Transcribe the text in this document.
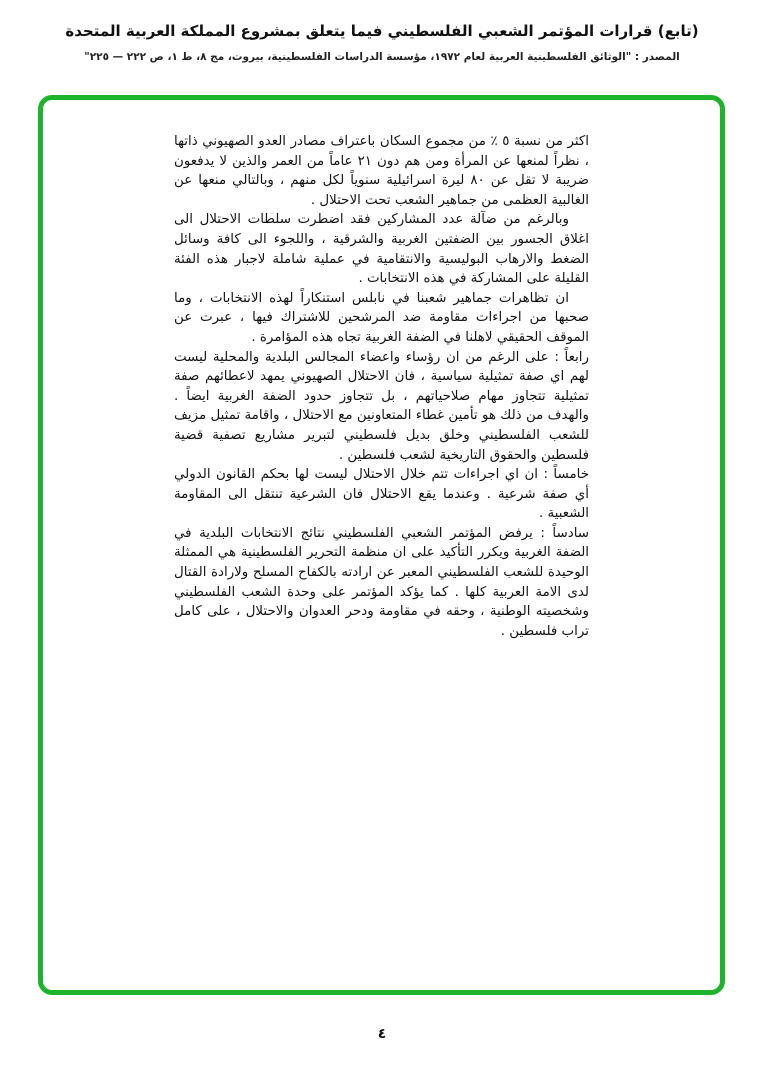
(تابع) قرارات المؤتمر الشعبي الفلسطيني فيما يتعلق بمشروع المملكة العربية المتحدة
المصدر : "الوثائق الفلسطينية العربية لعام ١٩٧٢، مؤسسة الدراسات الفلسطينية، بيروت، مج ٨، ط ١، ص ٢٢٢ — ٢٢٥"

اكثر من نسبة ٥ ٪ من مجموع السكان باعتراف مصادر العدو الصهيوني ذاتها ، نظراً لمنعها عن المرأة ومن هم دون ٢١ عاماً من العمر والذين لا يدفعون ضريبة لا تقل عن ٨٠ ليرة اسرائيلية سنوياً لكل منهم ، وبالتالي منعها عن الغالبية العظمى من جماهير الشعب تحت الاحتلال .

وبالرغم من ضآلة عدد المشاركين فقد اضطرت سلطات الاحتلال الى اغلاق الجسور بين الضفتين الغربية والشرقية ، واللجوء الى كافة وسائل الضغط والارهاب البوليسية والانتقامية في عملية شاملة لاجبار هذه الفئة القليلة على المشاركة في هذه الانتخابات .

ان تظاهرات جماهير شعبنا في نابلس استنكاراً لهذه الانتخابات ، وما صحبها من اجراءات مقاومة ضد المرشحين للاشتراك فيها ، عبرت عن الموقف الحقيقي لاهلنا في الضفة الغربية تجاه هذه المؤامرة .

رابعاً : على الرغم من ان رؤساء واعضاء المجالس البلدية والمحلية ليست لهم اي صفة تمثيلية سياسية ، فان الاحتلال الصهيوني يمهد لاعطائهم صفة تمثيلية تتجاوز مهام صلاحياتهم ، بل تتجاوز حدود الضفة الغربية ايضاً . والهدف من ذلك هو تأمين غطاء المتعاونين مع الاحتلال ، واقامة تمثيل مزيف للشعب الفلسطيني وخلق بديل فلسطيني لتبرير مشاريع تصفية قضية فلسطين والحقوق التاريخية لشعب فلسطين .

خامساً : ان اي اجراءات تتم خلال الاحتلال ليست لها بحكم القانون الدولي أي صفة شرعية . وعندما يقع الاحتلال فان الشرعية تنتقل الى المقاومة الشعبية .

سادساً : يرفض المؤتمر الشعبي الفلسطيني نتائج الانتخابات البلدية في الضفة الغربية ويكرر التأكيد على ان منظمة التحرير الفلسطينية هي الممثلة الوحيدة للشعب الفلسطيني المعبر عن ارادته بالكفاح المسلح ولارادة القتال لدى الامة العربية كلها . كما يؤكد المؤتمر على وحدة الشعب الفلسطيني وشخصيته الوطنية ، وحقه في مقاومة ودحر العدوان والاحتلال ، على كامل تراب فلسطين .

٤
